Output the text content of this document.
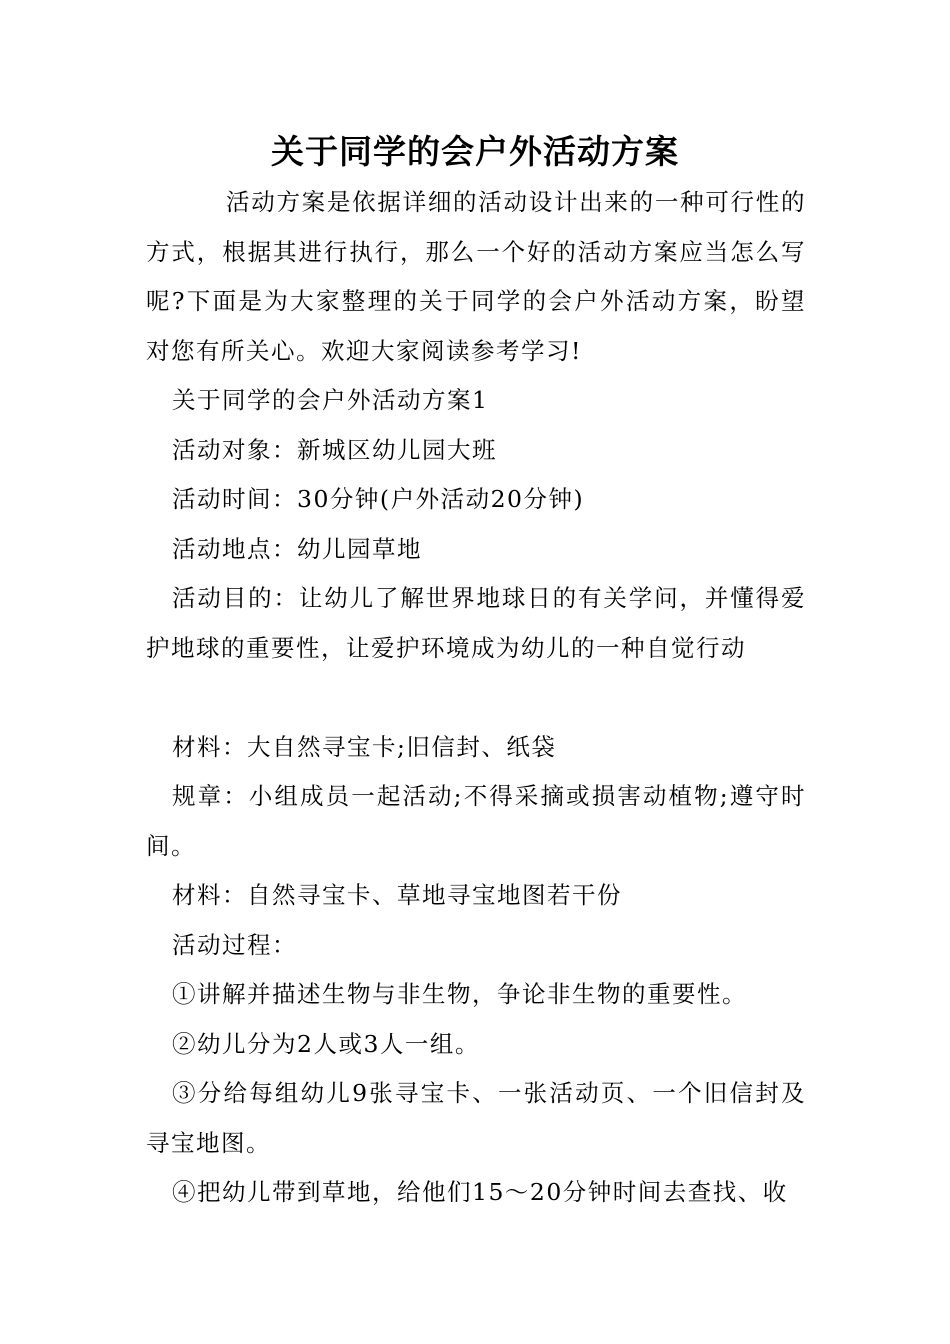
关于同学的会户外活动方案

活动方案是依据详细的活动设计出来的一种可行性的方式，根据其进行执行，那么一个好的活动方案应当怎么写呢?下面是为大家整理的关于同学的会户外活动方案，盼望对您有所关心。欢迎大家阅读参考学习!

关于同学的会户外活动方案1

活动对象：新城区幼儿园大班

活动时间：30分钟(户外活动20分钟)

活动地点：幼儿园草地

活动目的：让幼儿了解世界地球日的有关学问，并懂得爱护地球的重要性，让爱护环境成为幼儿的一种自觉行动

材料：大自然寻宝卡;旧信封、纸袋

规章：小组成员一起活动;不得采摘或损害动植物;遵守时间。

材料：自然寻宝卡、草地寻宝地图若干份

活动过程：

①讲解并描述生物与非生物，争论非生物的重要性。

②幼儿分为2人或3人一组。

③分给每组幼儿9张寻宝卡、一张活动页、一个旧信封及寻宝地图。

④把幼儿带到草地，给他们15～20分钟时间去查找、收
